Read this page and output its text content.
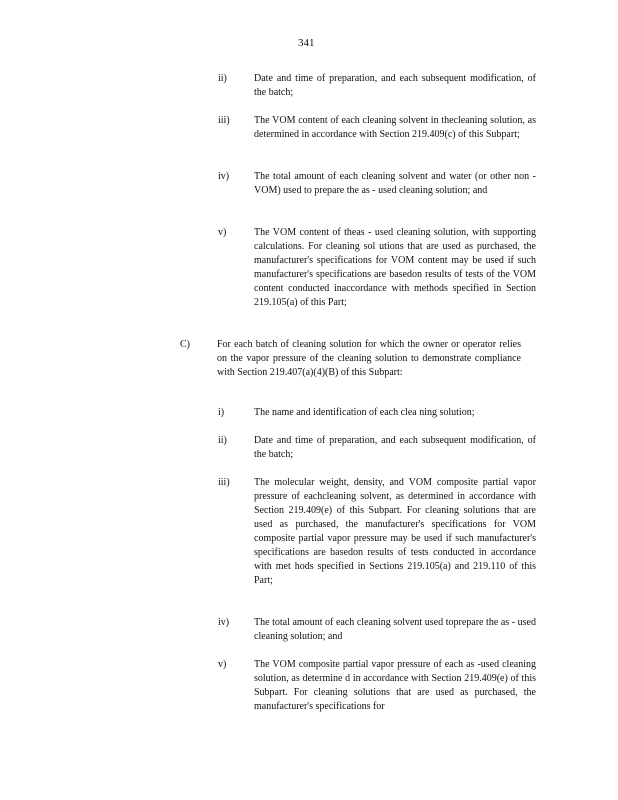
341
ii)	Date and time of preparation, and each subsequent modification, of the batch;
iii) The VOM content of each cleaning solvent in thecleaning solution, as determined in accordance with Section 219.409(c) of this Subpart;
iv) The total amount of each cleaning solvent and water (or other non -VOM) used to prepare the as - used cleaning solution; and
v)	The VOM content of theas - used cleaning solution, with supporting calculations. For cleaning sol utions that are used as purchased, the manufacturer's specifications for VOM content may be used if such manufacturer's specifications are basedon results of tests of the VOM content conducted inaccordance with methods specified in Section 219.105(a) of this Part;
C)	For each batch of cleaning solution for which the owner or operator relies on the vapor pressure of the cleaning solution to demonstrate compliance with Section 219.407(a)(4)(B) of this Subpart:
i)	The name and identification of each clea ning solution;
ii)	Date and time of preparation, and each subsequent modification, of the batch;
iii) The molecular weight, density, and VOM composite partial vapor pressure of eachcleaning solvent, as determined in accordance with Section 219.409(e) of this Subpart. For cleaning solutions that are used as purchased, the manufacturer's specifications for VOM composite partial vapor pressure may be used if such manufacturer's specifications are basedon results of tests conducted in accordance with met hods specified in Sections 219.105(a) and 219.110 of this Part;
iv) The total amount of each cleaning solvent used toprepare the as - used cleaning solution; and
v)	The VOM composite partial vapor pressure of each as -used cleaning solution, as determine d in accordance with Section 219.409(e) of this Subpart. For cleaning solutions that are used as purchased, the manufacturer's specifications for
